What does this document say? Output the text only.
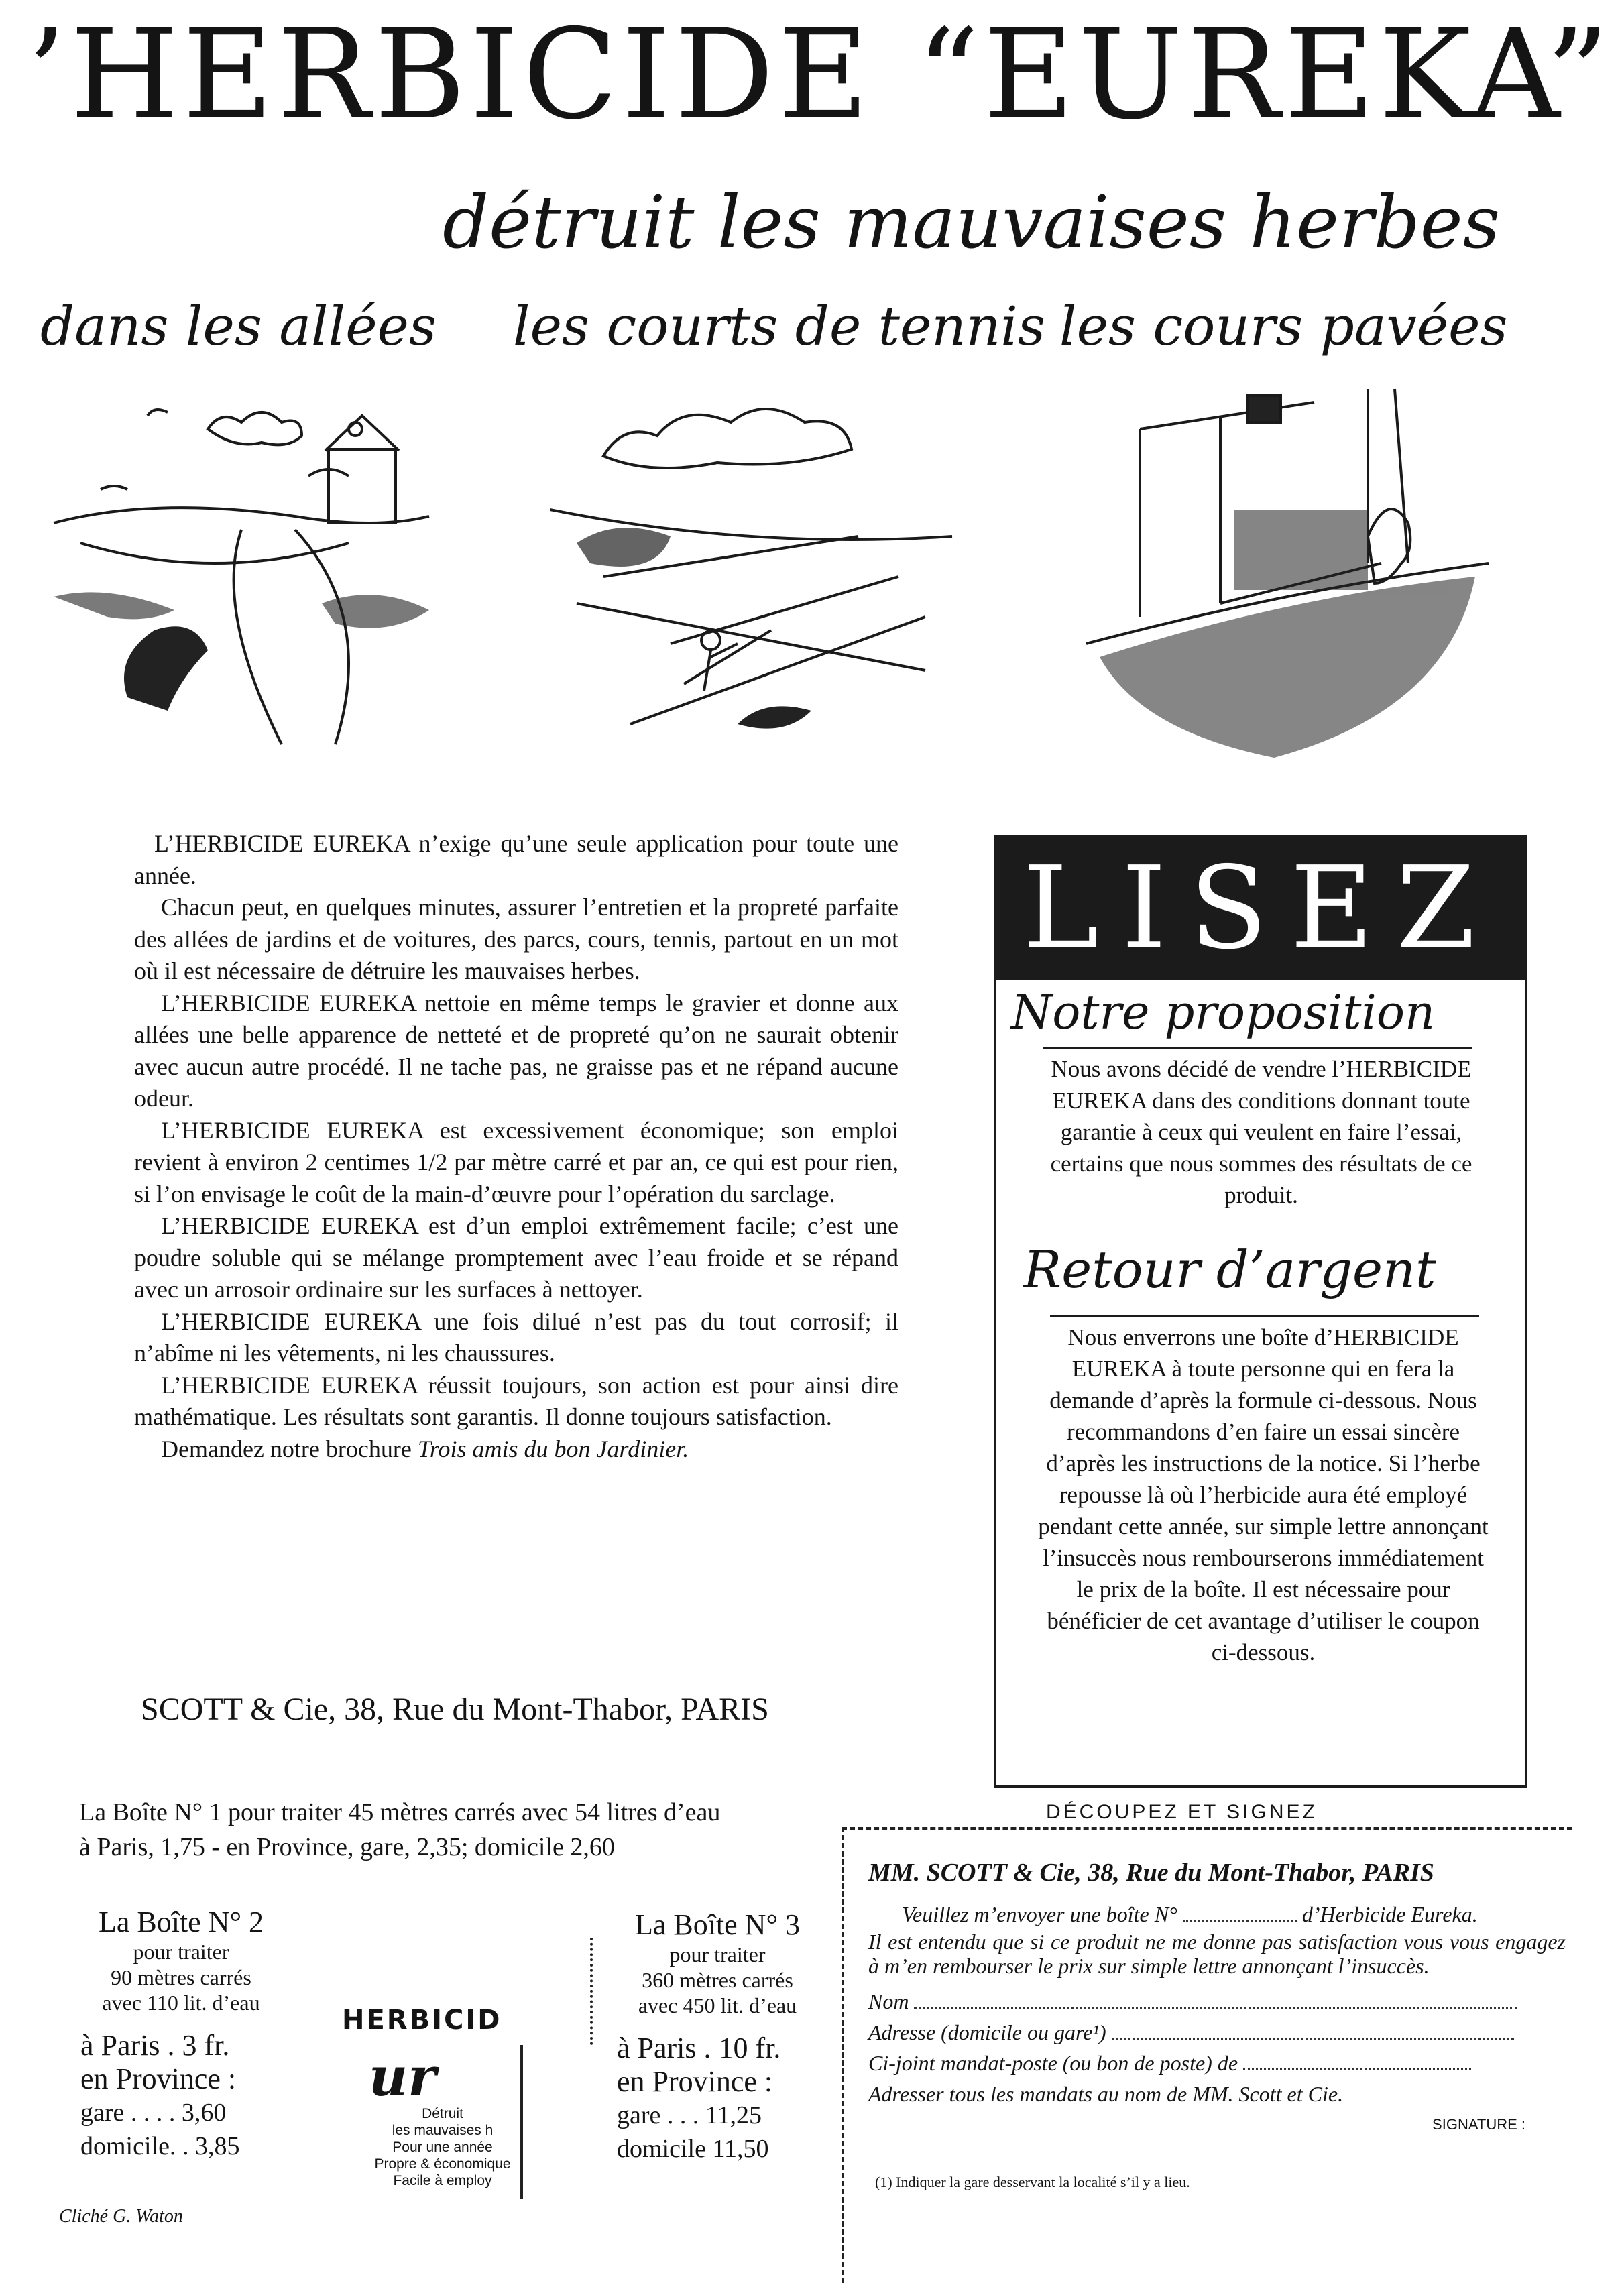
’HERBICIDE “EUREKA”
détruit les mauvaises herbes
dans les allées les courts de tennis les cours pavées

L’HERBICIDE EUREKA n’exige qu’une seule application pour toute une année.

Chacun peut, en quelques minutes, assurer l’entretien et la propreté parfaite des allées de jardins et de voitures, des parcs, cours, tennis, partout en un mot où il est nécessaire de détruire les mauvaises herbes.

L’HERBICIDE EUREKA nettoie en même temps le gravier et donne aux allées une belle apparence de netteté et de propreté qu’on ne saurait obtenir avec aucun autre procédé. Il ne tache pas, ne graisse pas et ne répand aucune odeur.

L’HERBICIDE EUREKA est excessivement économique; son emploi revient à environ 2 centimes 1/2 par mètre carré et par an, ce qui est pour rien, si l’on envisage le coût de la main-d’œuvre pour l’opération du sarclage.

L’HERBICIDE EUREKA est d’un emploi extrêmement facile; c’est une poudre soluble qui se mélange promptement avec l’eau froide et se répand avec un arrosoir ordinaire sur les surfaces à nettoyer.

L’HERBICIDE EUREKA une fois dilué n’est pas du tout corrosif; il n’abîme ni les vêtements, ni les chaussures.

L’HERBICIDE EUREKA réussit toujours, son action est pour ainsi dire mathématique. Les résultats sont garantis. Il donne toujours satisfaction.

Demandez notre brochure Trois amis du bon Jardinier.

SCOTT & Cie, 38, Rue du Mont-Thabor, PARIS
LISEZ
Notre proposition
Nous avons décidé de vendre l’HERBICIDE EUREKA dans des conditions donnant toute garantie à ceux qui veulent en faire l’essai, certains que nous sommes des résultats de ce produit.
Retour d’argent
Nous enverrons une boîte d’HERBICIDE EUREKA à toute personne qui en fera la demande d’après la formule ci-dessous. Nous recommandons d’en faire un essai sincère d’après les instructions de la notice. Si l’herbe repousse là où l’herbicide aura été employé pendant cette année, sur simple lettre annonçant l’insuccès nous rembourserons immédiatement le prix de la boîte. Il est nécessaire pour bénéficier de cet avantage d’utiliser le coupon ci-dessous.
La Boîte N° 1 pour traiter 45 mètres carrés avec 54 litres d’eau
à Paris, 1,75 - en Province, gare, 2,35; domicile 2,60
La Boîte N° 2
pour traiter
90 mètres carrés
avec 110 lit. d’eau
à Paris . 3 fr.
en Province :
gare . . . . 3,60
domicile. . 3,85
HERBICID
ur
Détruit
les mauvaises h
Pour une année
Propre & économique
Facile à employ
La Boîte N° 3
pour traiter
360 mètres carrés
avec 450 lit. d’eau
à Paris . 10 fr.
en Province :
gare . . . 11,25
domicile 11,50
Cliché G. Waton
DÉCOUPEZ ET SIGNEZ
MM. SCOTT & Cie, 38, Rue du Mont-Thabor, PARIS
Veuillez m’envoyer une boîte N°	d’Herbicide Eureka.
Il est entendu que si ce produit ne me donne pas satisfaction vous vous engagez à m’en rembourser le prix sur simple lettre annonçant l’insuccès.
Nom
Adresse (domicile ou gare¹)
Ci-joint mandat-poste (ou bon de poste) de
Adresser tous les mandats au nom de MM. Scott et Cie.
SIGNATURE :
(1) Indiquer la gare desservant la localité s’il y a lieu.
